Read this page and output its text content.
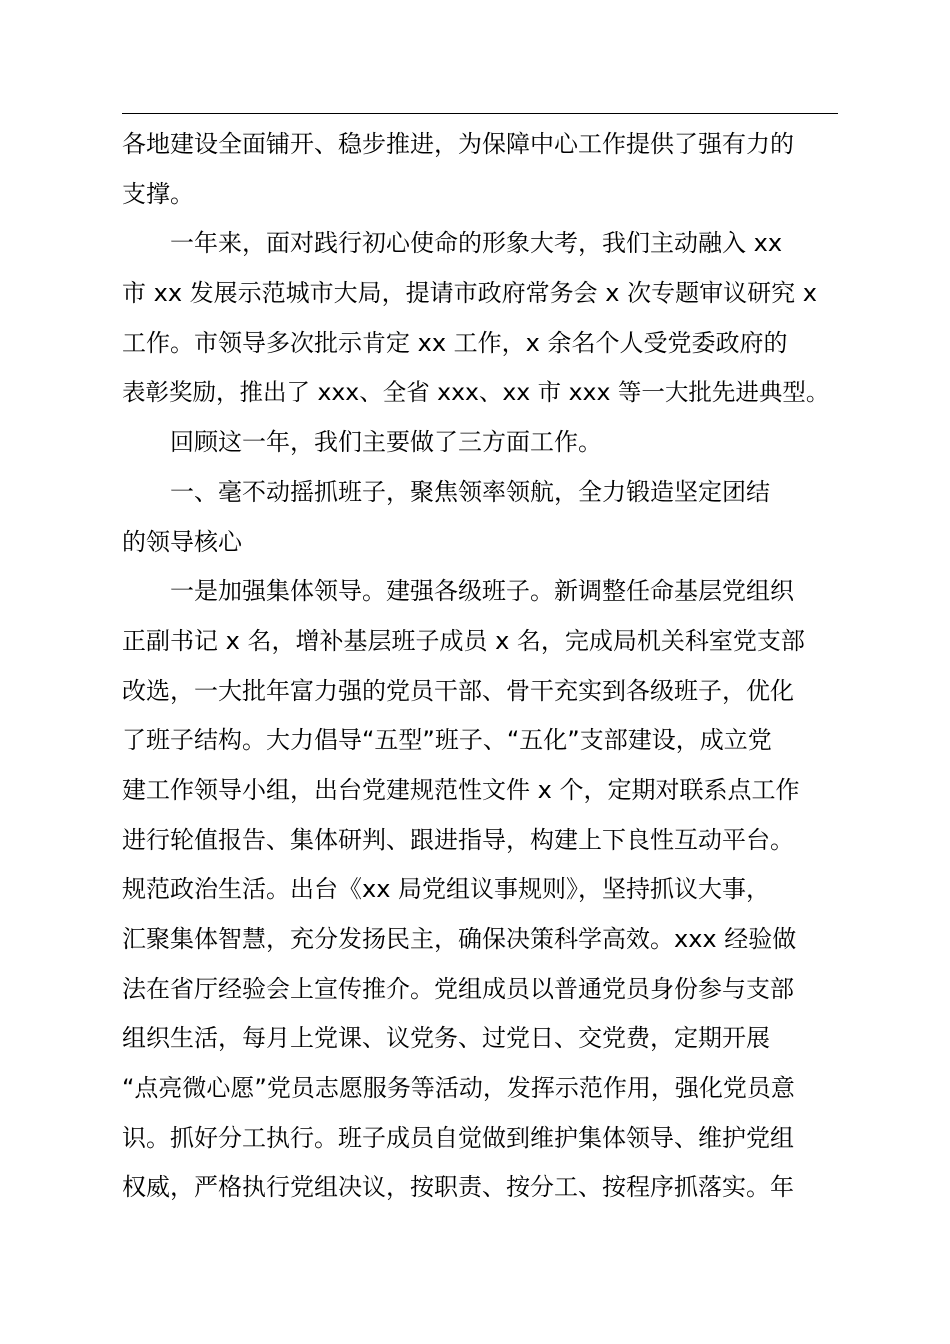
各地建设全面铺开、稳步推进，为保障中心工作提供了强有力的
支撑。
　　一年来，面对践行初心使命的形象大考，我们主动融入 xx
市 xx 发展示范城市大局，提请市政府常务会 x 次专题审议研究 x
工作。市领导多次批示肯定 xx 工作，x 余名个人受党委政府的
表彰奖励，推出了 xxx、全省 xxx、xx 市 xxx 等一大批先进典型。
　　回顾这一年，我们主要做了三方面工作。
　　一、毫不动摇抓班子，聚焦领率领航，全力锻造坚定团结
的领导核心
　　一是加强集体领导。建强各级班子。新调整任命基层党组织
正副书记 x 名，增补基层班子成员 x 名，完成局机关科室党支部
改选，一大批年富力强的党员干部、骨干充实到各级班子，优化
了班子结构。大力倡导“五型”班子、“五化”支部建设，成立党
建工作领导小组，出台党建规范性文件 x 个，定期对联系点工作
进行轮值报告、集体研判、跟进指导，构建上下良性互动平台。
规范政治生活。出台《xx 局党组议事规则》，坚持抓议大事，
汇聚集体智慧，充分发扬民主，确保决策科学高效。xxx 经验做
法在省厅经验会上宣传推介。党组成员以普通党员身份参与支部
组织生活，每月上党课、议党务、过党日、交党费，定期开展
“点亮微心愿”党员志愿服务等活动，发挥示范作用，强化党员意
识。抓好分工执行。班子成员自觉做到维护集体领导、维护党组
权威，严格执行党组决议，按职责、按分工、按程序抓落实。年
